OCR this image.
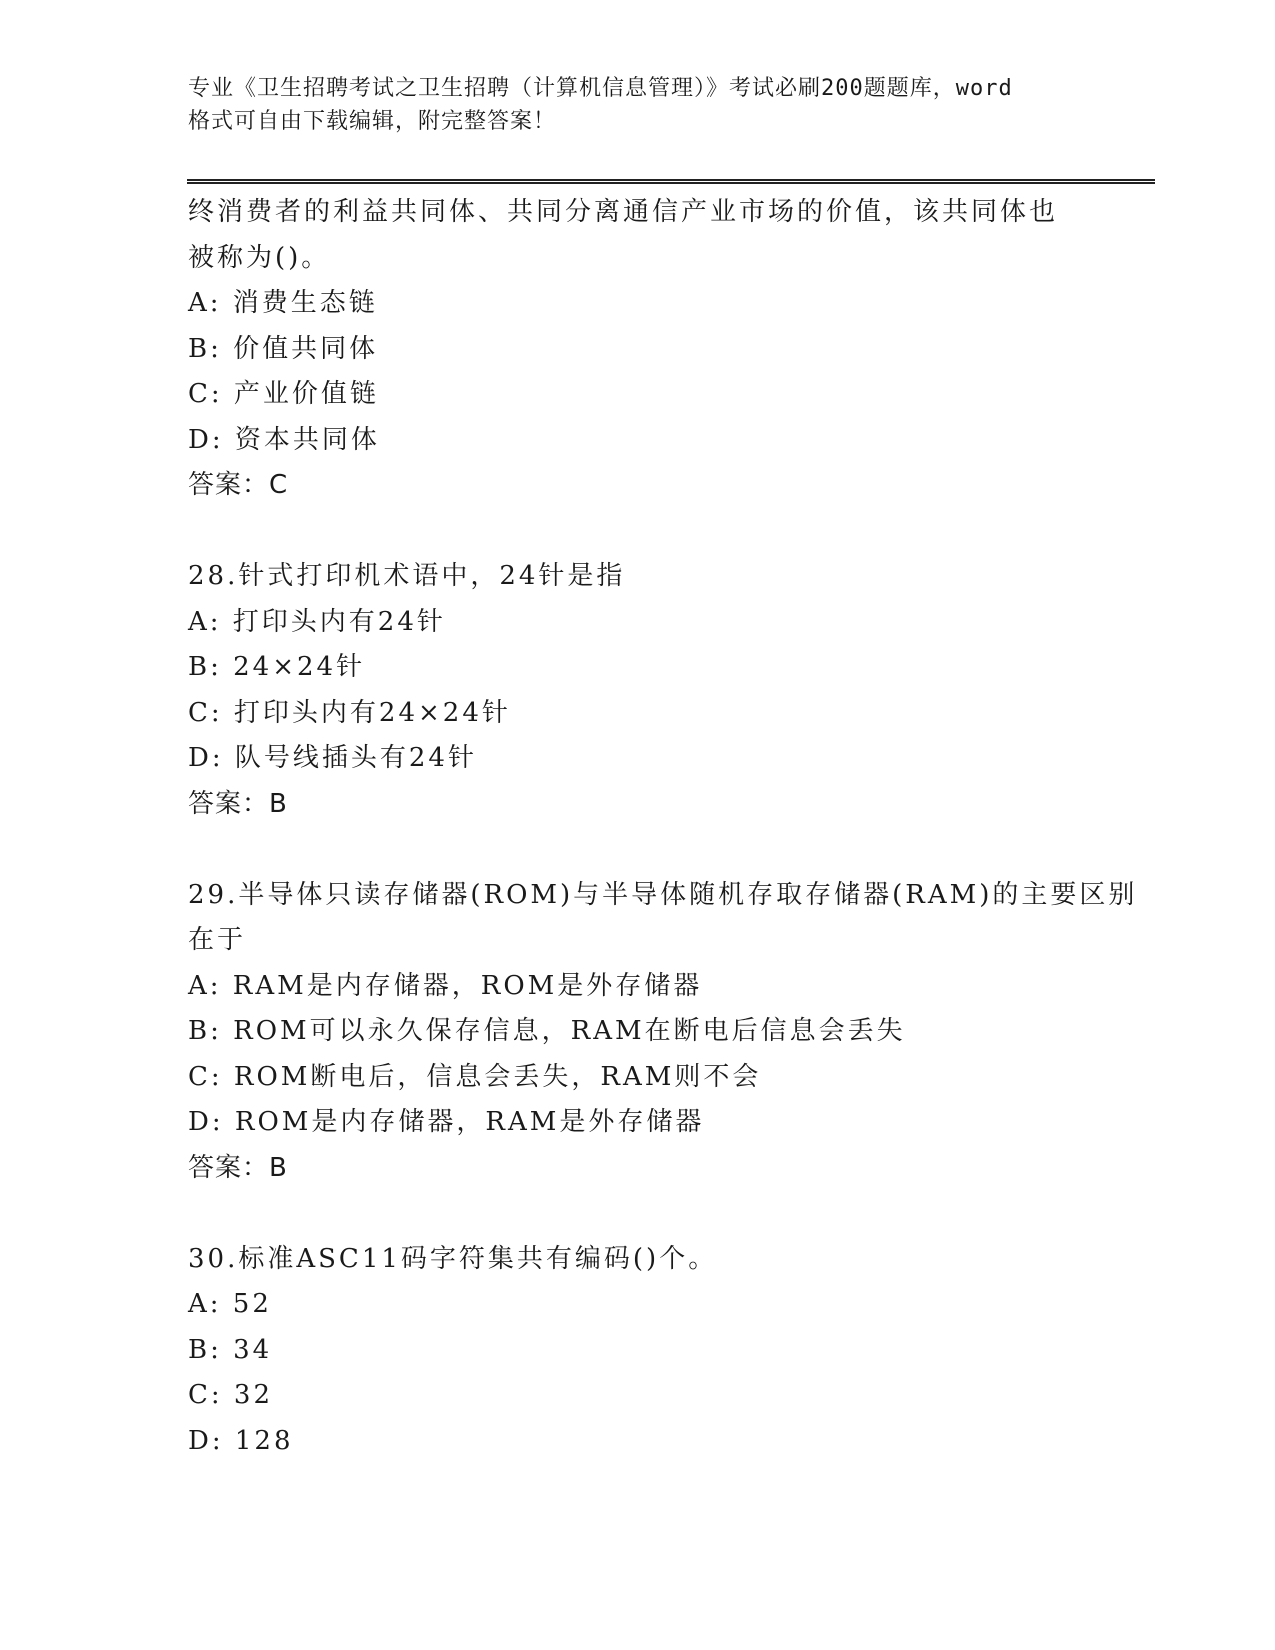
专业《卫生招聘考试之卫生招聘（计算机信息管理）》考试必刷200题题库，word
格式可自由下载编辑，附完整答案！
终消费者的利益共同体、共同分离通信产业市场的价值，该共同体也
被称为()。
A: 消费生态链
B: 价值共同体
C: 产业价值链
D: 资本共同体
答案：C
28.针式打印机术语中，24针是指
A: 打印头内有24针
B: 24×24针
C: 打印头内有24×24针
D: 队号线插头有24针
答案：B
29.半导体只读存储器(ROM)与半导体随机存取存储器(RAM)的主要区别
在于
A: RAM是内存储器，ROM是外存储器
B: ROM可以永久保存信息，RAM在断电后信息会丢失
C: ROM断电后，信息会丢失，RAM则不会
D: ROM是内存储器，RAM是外存储器
答案：B
30.标准ASC11码字符集共有编码()个。
A: 52
B: 34
C: 32
D: 128
